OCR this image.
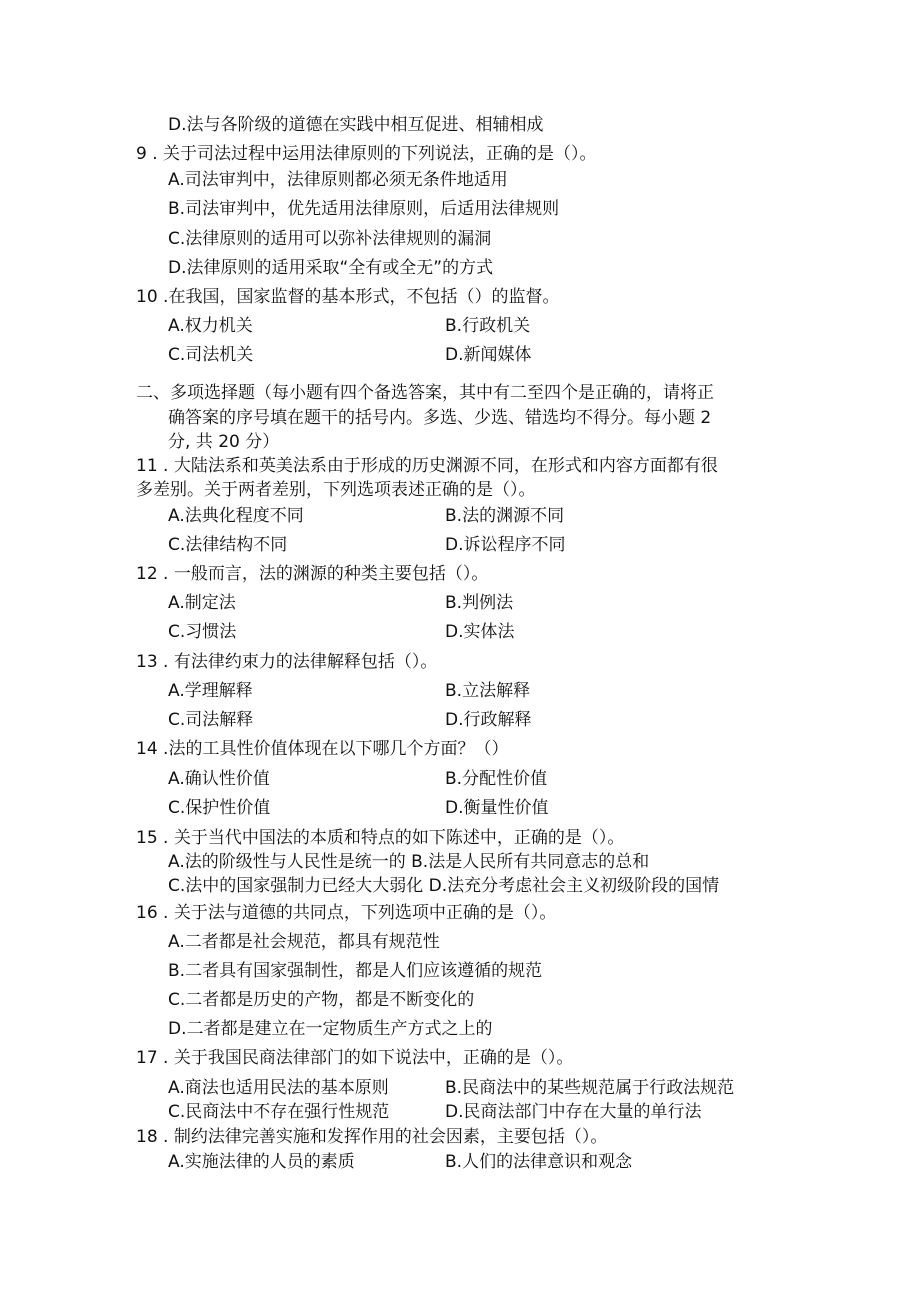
D.法与各阶级的道德在实践中相互促进、相辅相成
9 . 关于司法过程中运用法律原则的下列说法，正确的是（）。
A.司法审判中，法律原则都必须无条件地适用
B.司法审判中，优先适用法律原则，后适用法律规则
C.法律原则的适用可以弥补法律规则的漏洞
D.法律原则的适用采取“全有或全无”的方式
10 .在我国，国家监督的基本形式，不包括（）的监督。
A.权力机关	B.行政机关
C.司法机关	D.新闻媒体
二、多项选择题（每小题有四个备选答案，其中有二至四个是正确的，请将正
确答案的序号填在题干的括号内。多选、少选、错选均不得分。每小题 2
分, 共 20 分）
11 . 大陆法系和英美法系由于形成的历史渊源不同，在形式和内容方面都有很
多差别。关于两者差别，下列选项表述正确的是（）。
A.法典化程度不同	B.法的渊源不同
C.法律结构不同	D.诉讼程序不同
12 . 一般而言，法的渊源的种类主要包括（）。
A.制定法	B.判例法
C.习惯法	D.实体法
13 . 有法律约束力的法律解释包括（）。
A.学理解释	B.立法解释
C.司法解释	D.行政解释
14 .法的工具性价值体现在以下哪几个方面？（）
A.确认性价值	B.分配性价值
C.保护性价值	D.衡量性价值
15 . 关于当代中国法的本质和特点的如下陈述中，正确的是（）。
A.法的阶级性与人民性是统一的 B.法是人民所有共同意志的总和
C.法中的国家强制力已经大大弱化 D.法充分考虑社会主义初级阶段的国情
16 . 关于法与道德的共同点，下列选项中正确的是（）。
A.二者都是社会规范，都具有规范性
B.二者具有国家强制性，都是人们应该遵循的规范
C.二者都是历史的产物，都是不断变化的
D.二者都是建立在一定物质生产方式之上的
17 . 关于我国民商法律部门的如下说法中，正确的是（）。
A.商法也适用民法的基本原则	B.民商法中的某些规范属于行政法规范
C.民商法中不存在强行性规范	D.民商法部门中存在大量的单行法
18 . 制约法律完善实施和发挥作用的社会因素，主要包括（）。
A.实施法律的人员的素质	B.人们的法律意识和观念
